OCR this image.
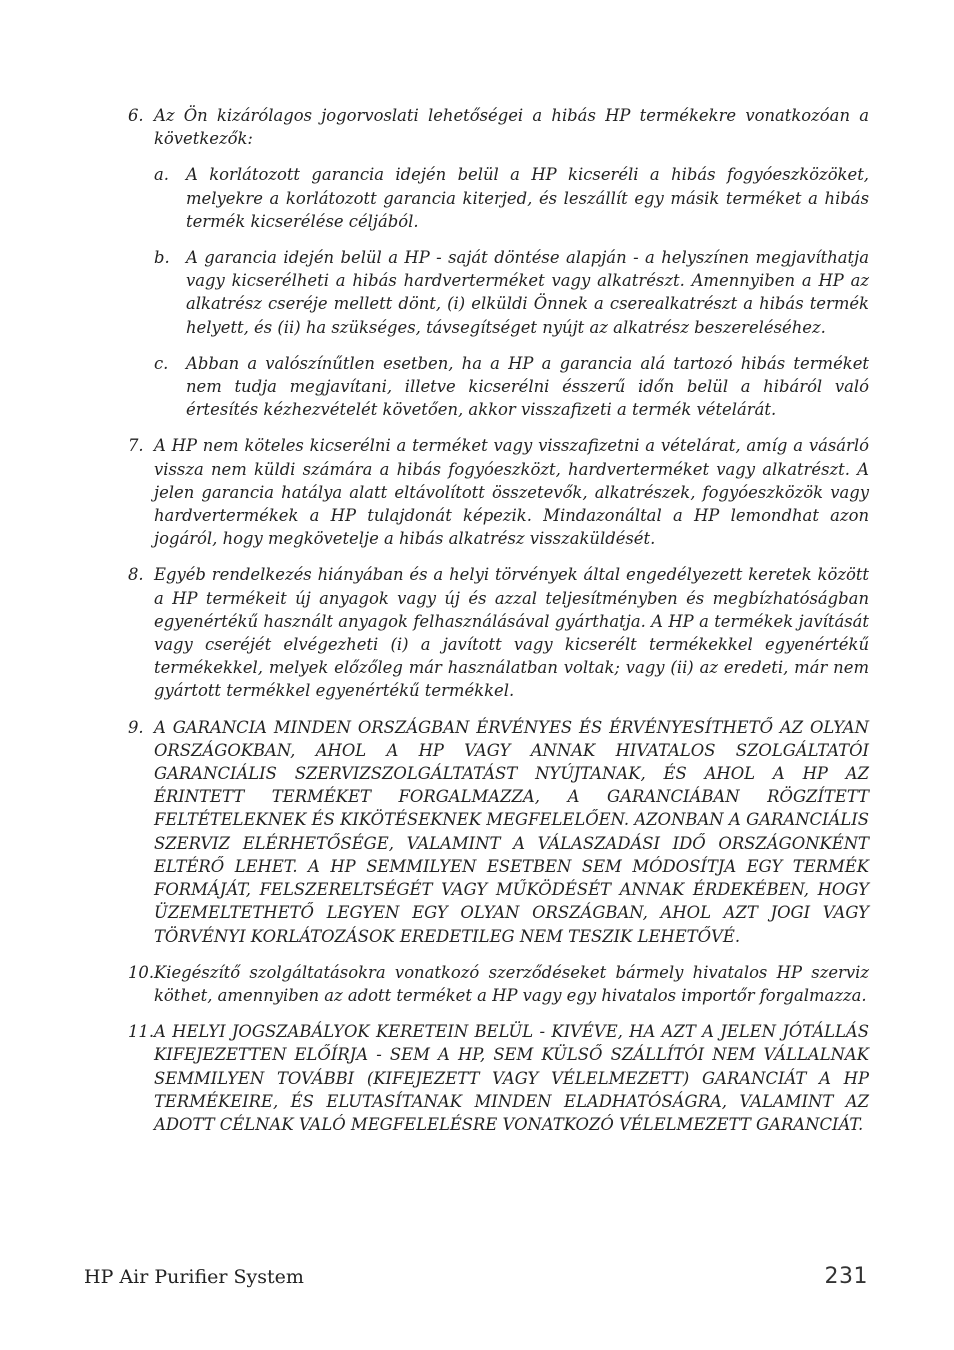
6. Az Ön kizárólagos jogorvoslati lehetőségei a hibás HP termékekre vonatkozóan a következők:
a.	A korlátozott garancia idején belül a HP kicseréli a hibás fogyóeszközöket, melyekre a korlátozott garancia kiterjed, és leszállít egy másik terméket a hibás termék kicserélése céljából.
b. A garancia idején belül a HP - saját döntése alapján - a helyszínen megjavíthatja vagy kicserélheti a hibás hardverterméket vagy alkatrészt. Amennyiben a HP az alkatrész cseréje mellett dönt, (i) elküldi Önnek a cserealkatrészt a hibás termék helyett, és (ii) ha szükséges, távsegítséget nyújt az alkatrész beszereléséhez.
c.	Abban a valószínűtlen esetben, ha a HP a garancia alá tartozó hibás terméket nem tudja megjavítani, illetve kicserélni ésszerű időn belül a hibáról való értesítés kézhezvételét követően, akkor visszafizeti a termék vételárát.
7. A HP nem köteles kicserélni a terméket vagy visszafizetni a vételárat, amíg a vásárló vissza nem küldi számára a hibás fogyóeszközt, hardverterméket vagy alkatrészt. A jelen garancia hatálya alatt eltávolított összetevők, alkatrészek, fogyóeszközök vagy hardvertermékek a HP tulajdonát képezik. Mindazonáltal a HP lemondhat azon jogáról, hogy megkövetelje a hibás alkatrész visszaküldését.
8. Egyéb rendelkezés hiányában és a helyi törvények által engedélyezett keretek között a HP termékeit új anyagok vagy új és azzal teljesítményben és megbízhatóságban egyenértékű használt anyagok felhasználásával gyárthatja. A HP a termékek javítását vagy cseréjét elvégezheti (i) a javított vagy kicserélt termékekkel egyenértékű termékekkel, melyek előzőleg már használatban voltak; vagy (ii) az eredeti, már nem gyártott termékkel egyenértékű termékkel.
9. A GARANCIA MINDEN ORSZÁGBAN ÉRVÉNYES ÉS ÉRVÉNYESÍTHETŐ AZ OLYAN ORSZÁGOKBAN, AHOL A HP VAGY ANNAK HIVATALOS SZOLGÁLTATÓI GARANCIÁLIS SZERVIZSZOLGÁLTATÁST NYÚJTANAK, ÉS AHOL A HP AZ ÉRINTETT TERMÉKET FORGALMAZZA, A GARANCIÁBAN RÖGZÍTETT FELTÉTELEKNEK ÉS KIKÖTÉSEKNEK MEGFELELŐEN. AZONBAN A GARANCIÁLIS SZERVIZ ELÉRHETŐSÉGE, VALAMINT A VÁLASZADÁSI IDŐ ORSZÁGONKÉNT ELTÉRŐ LEHET. A HP SEMMILYEN ESETBEN SEM MÓDOSÍTJA EGY TERMÉK FORMÁJÁT, FELSZERELTSÉGÉT VAGY MŰKÖDÉSÉT ANNAK ÉRDEKÉBEN, HOGY ÜZEMELTETHETŐ LEGYEN EGY OLYAN ORSZÁGBAN, AHOL AZT JOGI VAGY TÖRVÉNYI KORLÁTOZÁSOK EREDETILEG NEM TESZIK LEHETŐVÉ.
10. Kiegészítő szolgáltatásokra vonatkozó szerződéseket bármely hivatalos HP szerviz köthet, amennyiben az adott terméket a HP vagy egy hivatalos importőr forgalmazza.
11. A HELYI JOGSZABÁLYOK KERETEIN BELÜL - KIVÉVE, HA AZT A JELEN JÓTÁLLÁS KIFEJEZETTEN ELŐÍRJA - SEM A HP, SEM KÜLSŐ SZÁLLÍTÓI NEM VÁLLALNAK SEMMILYEN TOVÁBBI (KIFEJEZETT VAGY VÉLELMEZETT) GARANCIÁT A HP TERMÉKEIRE, ÉS ELUTASÍTANAK MINDEN ELADHATÓSÁGRA, VALAMINT AZ ADOTT CÉLNAK VALÓ MEGFELELÉSRE VONATKOZÓ VÉLELMEZETT GARANCIÁT.
HP Air Purifier System	231
